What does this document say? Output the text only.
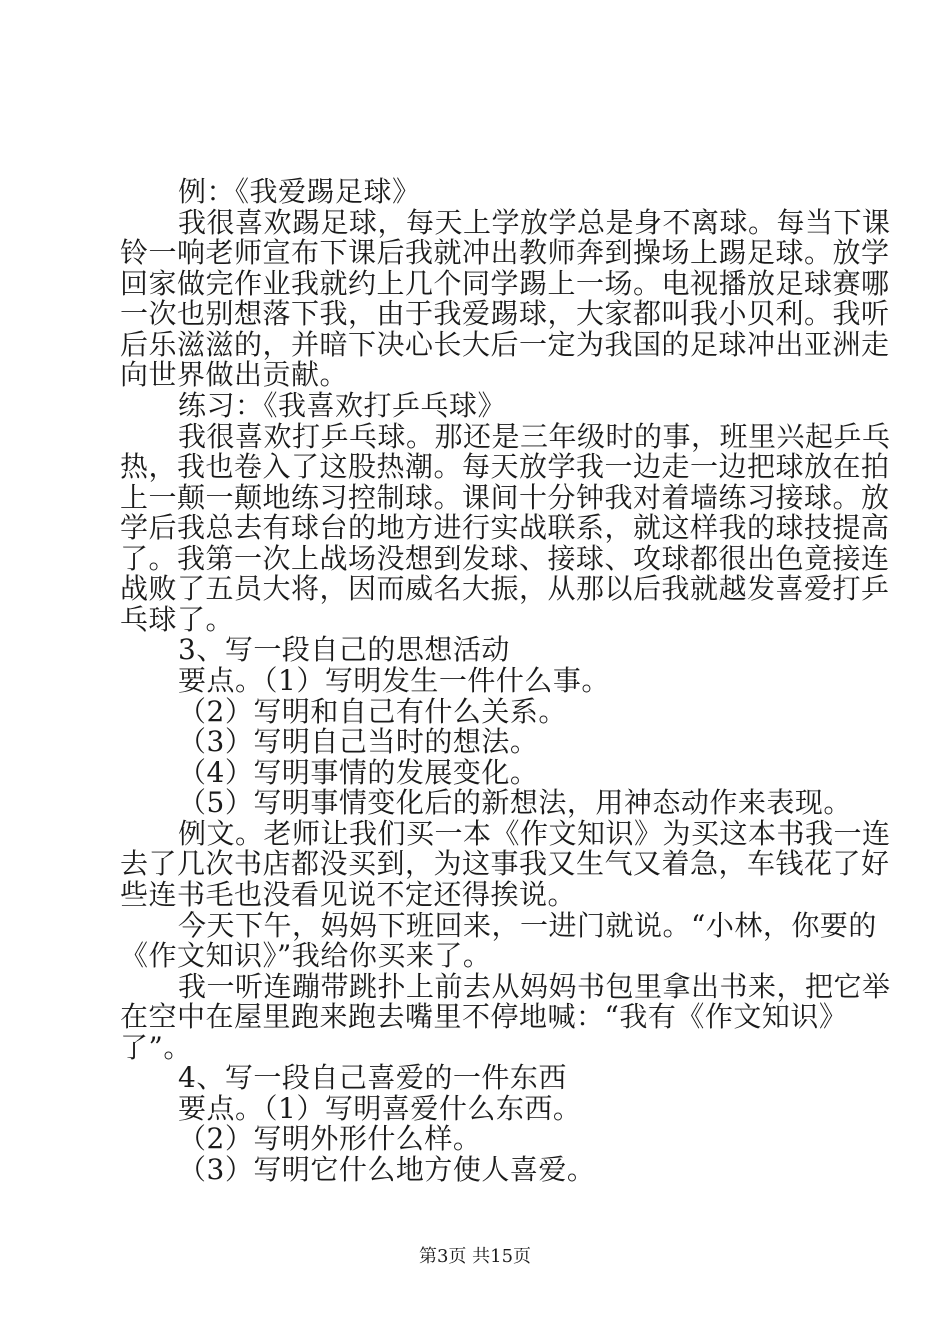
例：《我爱踢足球》
我很喜欢踢足球，每天上学放学总是身不离球。每当下课
铃一响老师宣布下课后我就冲出教师奔到操场上踢足球。放学
回家做完作业我就约上几个同学踢上一场。电视播放足球赛哪
一次也别想落下我，由于我爱踢球，大家都叫我小贝利。我听
后乐滋滋的，并暗下决心长大后一定为我国的足球冲出亚洲走
向世界做出贡献。
练习：《我喜欢打乒乓球》
我很喜欢打乒乓球。那还是三年级时的事，班里兴起乒乓
热，我也卷入了这股热潮。每天放学我一边走一边把球放在拍
上一颠一颠地练习控制球。课间十分钟我对着墙练习接球。放
学后我总去有球台的地方进行实战联系，就这样我的球技提高
了。我第一次上战场没想到发球、接球、攻球都很出色竟接连
战败了五员大将，因而威名大振，从那以后我就越发喜爱打乒
乓球了。
3、写一段自己的思想活动
要点。（1）写明发生一件什么事。
（2）写明和自己有什么关系。
（3）写明自己当时的想法。
（4）写明事情的发展变化。
（5）写明事情变化后的新想法，用神态动作来表现。
例文。老师让我们买一本《作文知识》为买这本书我一连
去了几次书店都没买到，为这事我又生气又着急，车钱花了好
些连书毛也没看见说不定还得挨说。
今天下午，妈妈下班回来，一进门就说。“小林，你要的
《作文知识》”我给你买来了。
我一听连蹦带跳扑上前去从妈妈书包里拿出书来，把它举
在空中在屋里跑来跑去嘴里不停地喊：“我有《作文知识》
了”。
4、写一段自己喜爱的一件东西
要点。（1）写明喜爱什么东西。
（2）写明外形什么样。
（3）写明它什么地方使人喜爱。
第3页 共15页
